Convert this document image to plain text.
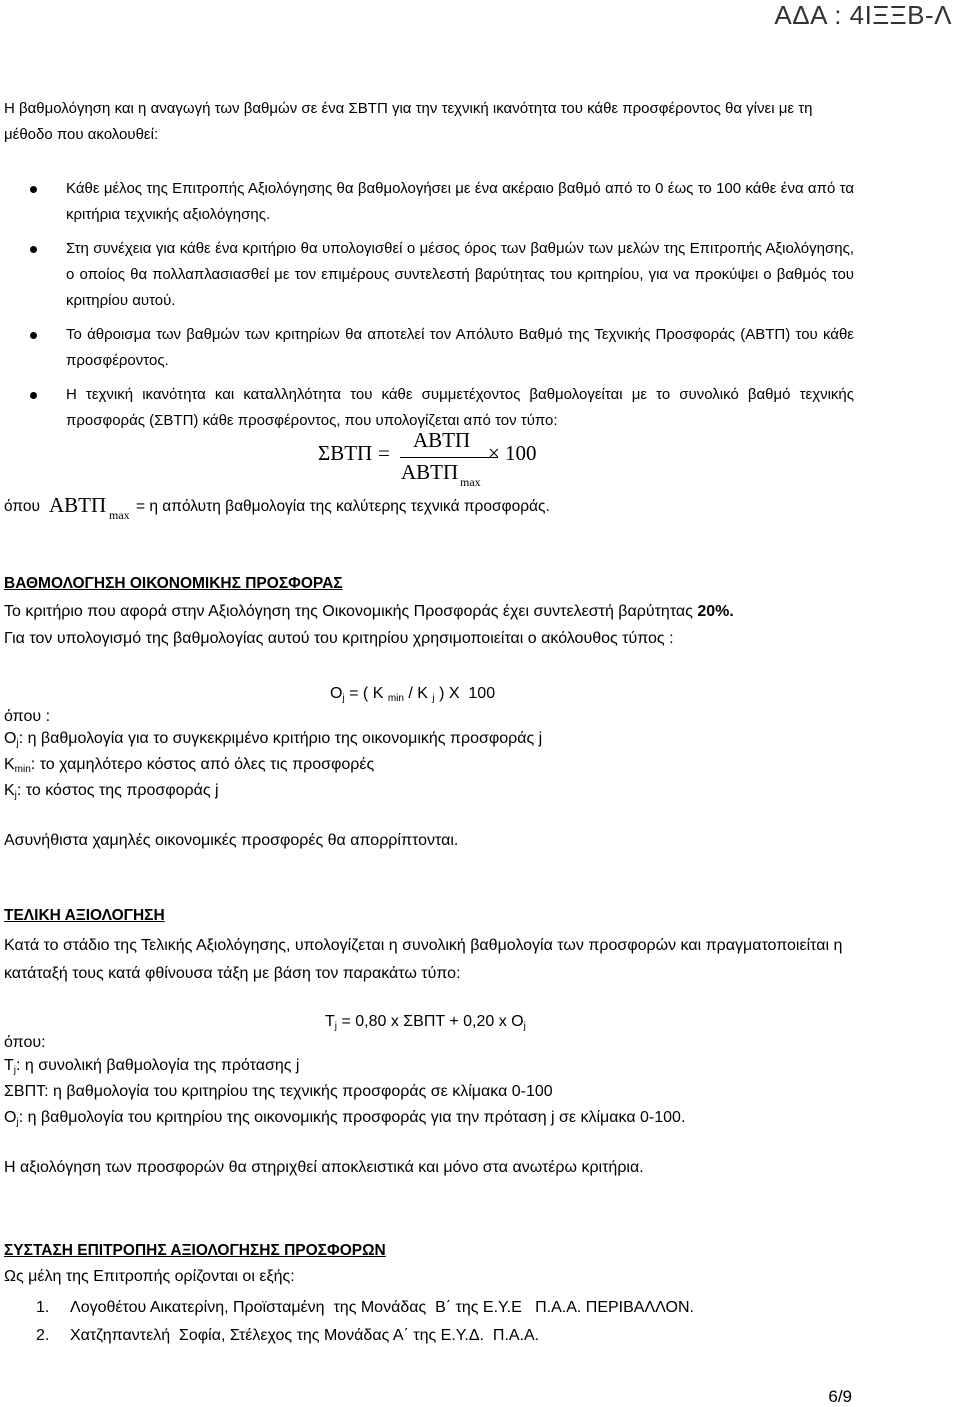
ΑΔΑ : 4ΙΞΞΒ-Λ
Η βαθμολόγηση και η αναγωγή των βαθμών σε ένα ΣΒΤΠ για την τεχνική ικανότητα του κάθε προσφέροντος θα γίνει με τη μέθοδο που ακολουθεί:
Κάθε μέλος της Επιτροπής Αξιολόγησης θα βαθμολογήσει με ένα ακέραιο βαθμό από το 0 έως το 100 κάθε ένα από τα κριτήρια τεχνικής αξιολόγησης.
Στη συνέχεια για κάθε ένα κριτήριο θα υπολογισθεί ο μέσος όρος των βαθμών των μελών της Επιτροπής Αξιολόγησης, ο οποίος θα πολλαπλασιασθεί με τον επιμέρους συντελεστή βαρύτητας του κριτηρίου, για να προκύψει ο βαθμός του κριτηρίου αυτού.
Το άθροισμα των βαθμών των κριτηρίων θα αποτελεί τον Απόλυτο Βαθμό της Τεχνικής Προσφοράς (ΑΒΤΠ) του κάθε προσφέροντος.
Η τεχνική ικανότητα και καταλληλότητα του κάθε συμμετέχοντος βαθμολογείται με το συνολικό βαθμό τεχνικής προσφοράς (ΣΒΤΠ) κάθε προσφέροντος, που υπολογίζεται από τον τύπο:
ΣΒΤΠ =
ΑΒΤΠ
ΑΒΤΠ max
× 100
όπου ΑΒΤΠ max = η απόλυτη βαθμολογία της καλύτερης τεχνικά προσφοράς.
ΒΑΘΜΟΛΟΓΗΣΗ ΟΙΚΟΝΟΜΙΚΗΣ ΠΡΟΣΦΟΡΑΣ
Το κριτήριο που αφορά στην Αξιολόγηση της Οικονομικής Προσφοράς έχει συντελεστή βαρύτητας 20%.
Για τον υπολογισμό της βαθμολογίας αυτού του κριτηρίου χρησιμοποιείται ο ακόλουθος τύπος :
$O_j$ = ( K $_{min}$ / K $_j$ ) X  100
όπου :
$O_j$: η βαθμολογία για το συγκεκριμένο κριτήριο της οικονομικής προσφοράς j
$K_{min}$: το χαμηλότερο κόστος από όλες τις προσφορές
$K_j$: το κόστος της προσφοράς j
Ασυνήθιστα χαμηλές οικονομικές προσφορές θα απορρίπτονται.
ΤΕΛΙΚΗ ΑΞΙΟΛΟΓΗΣΗ
Κατά το στάδιο της Τελικής Αξιολόγησης, υπολογίζεται η συνολική βαθμολογία των προσφορών και πραγματοποιείται η κατάταξή τους κατά φθίνουσα τάξη με βάση τον παρακάτω τύπο:
$T_j = 0,80$ x ΣΒΠΤ + 0,20 x $O_j$
όπου:
$T_j$: η συνολική βαθμολογία της πρότασης j
ΣΒΠΤ: η βαθμολογία του κριτηρίου της τεχνικής προσφοράς σε κλίμακα 0-100
$O_j$: η βαθμολογία του κριτηρίου της οικονομικής προσφοράς για την πρόταση j σε κλίμακα 0-100.
Η αξιολόγηση των προσφορών θα στηριχθεί αποκλειστικά και μόνο στα ανωτέρω κριτήρια.
ΣΥΣΤΑΣΗ ΕΠΙΤΡΟΠΗΣ ΑΞΙΟΛΟΓΗΣΗΣ ΠΡΟΣΦΟΡΩΝ
Ως μέλη της Επιτροπής ορίζονται οι εξής:
1. Λογοθέτου Αικατερίνη, Προϊσταμένη  της Μονάδας  Β΄ της Ε.Υ.Ε   Π.Α.Α. ΠΕΡΙΒΑΛΛΟΝ.
2. Χατζηπαντελή  Σοφία, Στέλεχος της Μονάδας Α΄ της Ε.Υ.Δ.  Π.Α.Α.
6/9
